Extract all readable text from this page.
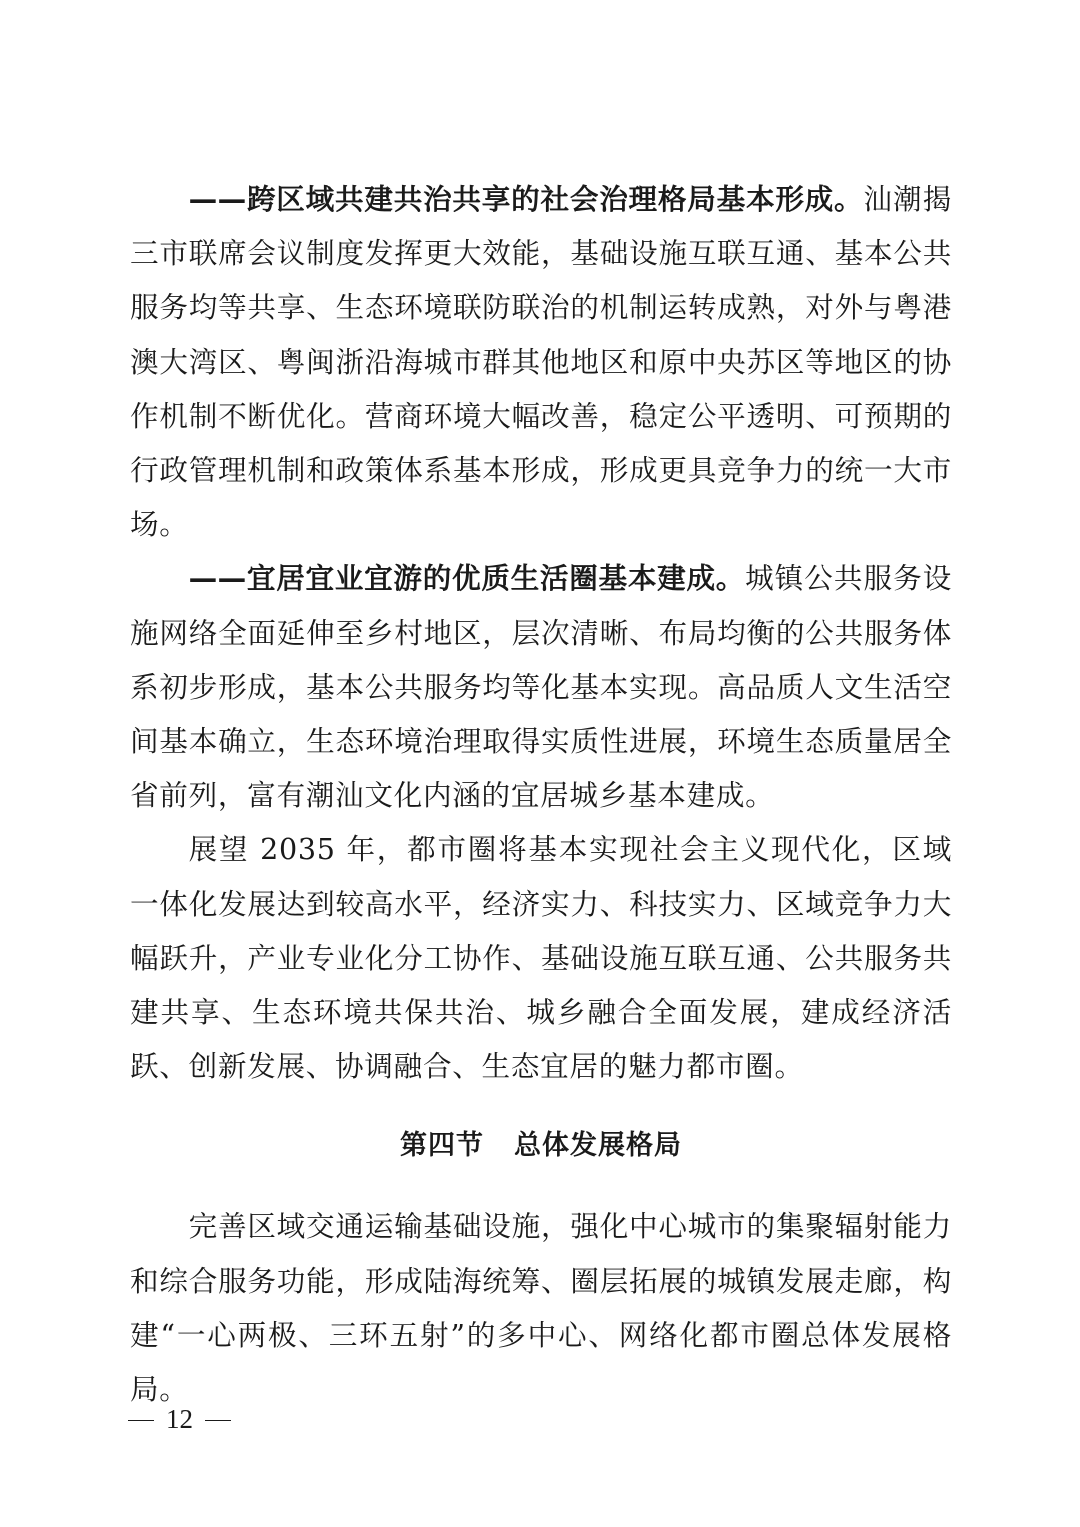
——跨区域共建共治共享的社会治理格局基本形成。汕潮揭三市联席会议制度发挥更大效能，基础设施互联互通、基本公共服务均等共享、生态环境联防联治的机制运转成熟，对外与粤港澳大湾区、粤闽浙沿海城市群其他地区和原中央苏区等地区的协作机制不断优化。营商环境大幅改善，稳定公平透明、可预期的行政管理机制和政策体系基本形成，形成更具竞争力的统一大市场。

——宜居宜业宜游的优质生活圈基本建成。城镇公共服务设施网络全面延伸至乡村地区，层次清晰、布局均衡的公共服务体系初步形成，基本公共服务均等化基本实现。高品质人文生活空间基本确立，生态环境治理取得实质性进展，环境生态质量居全省前列，富有潮汕文化内涵的宜居城乡基本建成。

展望 2035 年，都市圈将基本实现社会主义现代化，区域一体化发展达到较高水平，经济实力、科技实力、区域竞争力大幅跃升，产业专业化分工协作、基础设施互联互通、公共服务共建共享、生态环境共保共治、城乡融合全面发展，建成经济活跃、创新发展、协调融合、生态宜居的魅力都市圈。

第四节 总体发展格局

完善区域交通运输基础设施，强化中心城市的集聚辐射能力和综合服务功能，形成陆海统筹、圈层拓展的城镇发展走廊，构建“一心两极、三环五射”的多中心、网络化都市圈总体发展格局。

12
